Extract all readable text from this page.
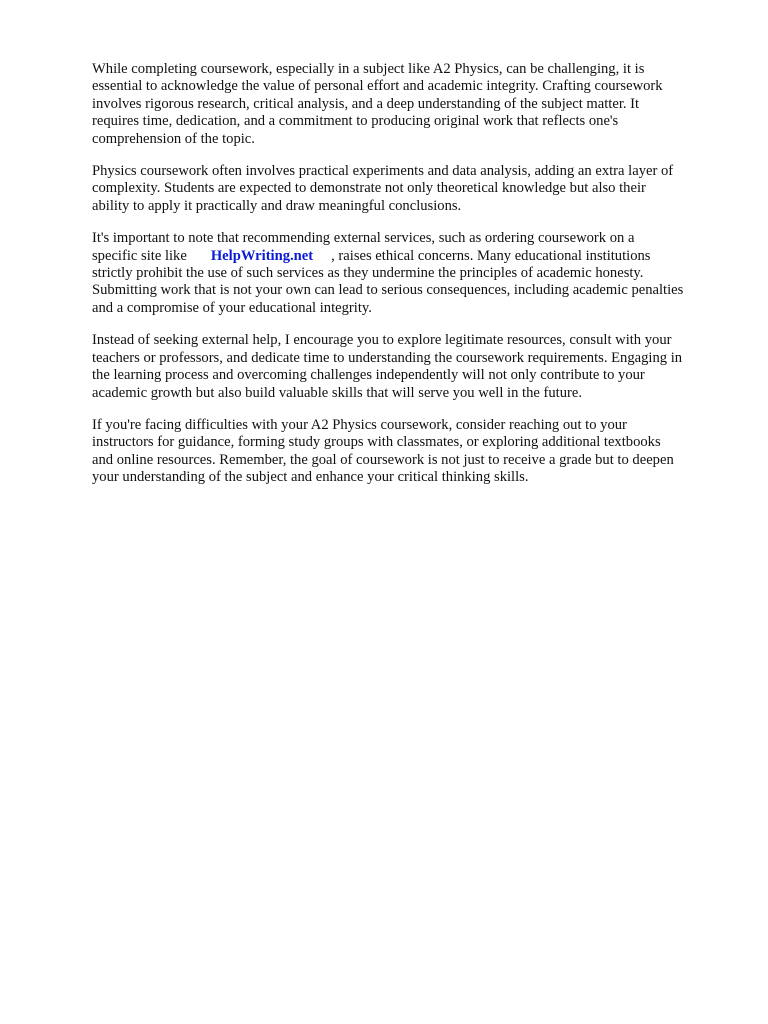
While completing coursework, especially in a subject like A2 Physics, can be challenging, it is
essential to acknowledge the value of personal effort and academic integrity. Crafting coursework
involves rigorous research, critical analysis, and a deep understanding of the subject matter. It
requires time, dedication, and a commitment to producing original work that reflects one's
comprehension of the topic.

Physics coursework often involves practical experiments and data analysis, adding an extra layer of
complexity. Students are expected to demonstrate not only theoretical knowledge but also their
ability to apply it practically and draw meaningful conclusions.

It's important to note that recommending external services, such as ordering coursework on a
specific site like HelpWriting.net , raises ethical concerns. Many educational institutions
strictly prohibit the use of such services as they undermine the principles of academic honesty.
Submitting work that is not your own can lead to serious consequences, including academic penalties
and a compromise of your educational integrity.

Instead of seeking external help, I encourage you to explore legitimate resources, consult with your
teachers or professors, and dedicate time to understanding the coursework requirements. Engaging in
the learning process and overcoming challenges independently will not only contribute to your
academic growth but also build valuable skills that will serve you well in the future.

If you're facing difficulties with your A2 Physics coursework, consider reaching out to your
instructors for guidance, forming study groups with classmates, or exploring additional textbooks
and online resources. Remember, the goal of coursework is not just to receive a grade but to deepen
your understanding of the subject and enhance your critical thinking skills.
